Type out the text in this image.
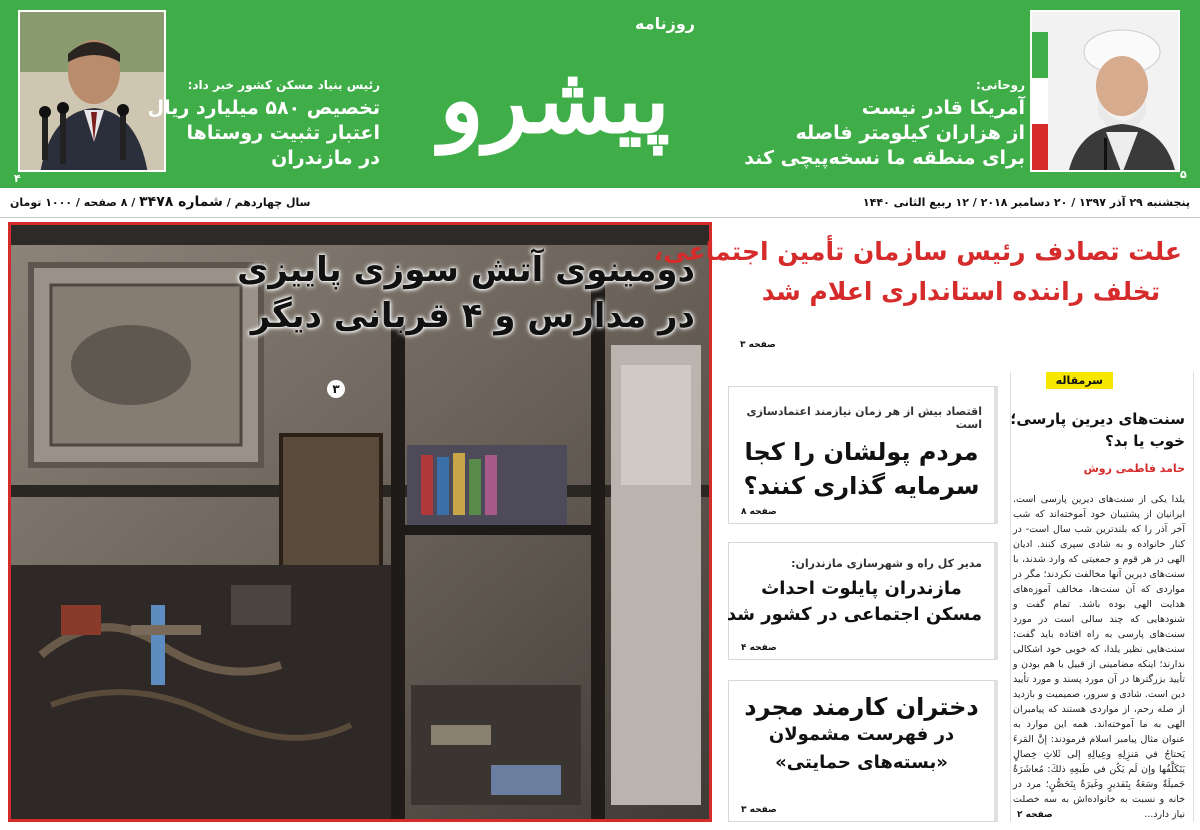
۴
رئیس بنیاد مسکن کشور خبر داد:
تخصیص ۵۸۰ میلیارد ریال
اعتبار تثبیت روستاها
در مازندران
روزنامه
پیشرو	روحانی:
آمریکا قادر نیست
از هزاران کیلومتر فاصله
برای منطقه ما نسخه‌پیچی کند
۵
پنجشنبه ۲۹ آذر ۱۳۹۷ / ۲۰ دسامبر ۲۰۱۸ / ۱۲ ربیع الثانی ۱۴۴۰
سال چهاردهم / شماره ۳۴۷۸ / ۸ صفحه / ۱۰۰۰ تومان
دومینوی آتش سوزی پاییزی
در مدارس و ۴ قربانی دیگر
۳
علت تصادف رئیس سازمان تأمین اجتماعی،
تخلف راننده استانداری اعلام شد
صفحه ۳
اقتصاد بیش از هر زمان نیازمند اعتمادسازی است
مردم پولشان را کجا
سرمایه گذاری کنند؟
صفحه ۸
مدیر کل راه و شهرسازی مازندران:
مازندران پایلوت احداث
مسکن اجتماعی در کشور شد
صفحه ۴
دختران کارمند مجرد
در فهرست مشمولان
«بسته‌های حمایتی»
صفحه ۳
سرمقاله
سنت‌های دیرین پارسی؛ خوب یا بد؟
حامد فاطمی روش
یلدا یکی از سنت‌های دیرین پارسی است. ایرانیان از پشتیبان خود آموخته‌اند که شب آخر آذر را که بلندترین شب سال است- در کنار خانواده و به شادی سپری کنند. ادیان الهی در هر قوم و جمعیتی که وارد شدند، با سنت‌های دیرین آنها مخالفت نکردند؛ مگر در مواردی که آن سنت‌ها، مخالف آموزه‌های هدایت الهی بوده باشد. تمام گفت و شنودهایی که چند سالی است در مورد سنت‌های پارسی به راه افتاده باید گفت: سنت‌هایی نظیر یلدا، که خوبی خود اشکالی ندارند؛ اینکه مضامینی از قبیل با هم بودن و تأیید بزرگترها در آن مورد پسند و مورد تأیید دین است. شادی و سرور، صمیمیت و بازدید از صله رحم، از مواردی هستند که پیامبران الهی به ما آموخته‌اند. همه این موارد به عنوان مثال پیامبر اسلام فرمودند: إنَّ المَرءَ يَحتاجُ في مَنزِلِهِ وعِيالِهِ إلى ثَلاثِ خِصالٍ يَتَكَلَّفُها وإن لَم يَكُن في طَبعِهِ ذلكَ: مُعاشَرَةٌ جَميلَةٌ وسَعَةٌ بِتَقديرٍ وغَيرَةٌ بِتَحَصُّنٍ؛ مرد در خانه و نسبت به خانواده‌اش به سه خصلت نیاز دارد...
صفحه ۲
